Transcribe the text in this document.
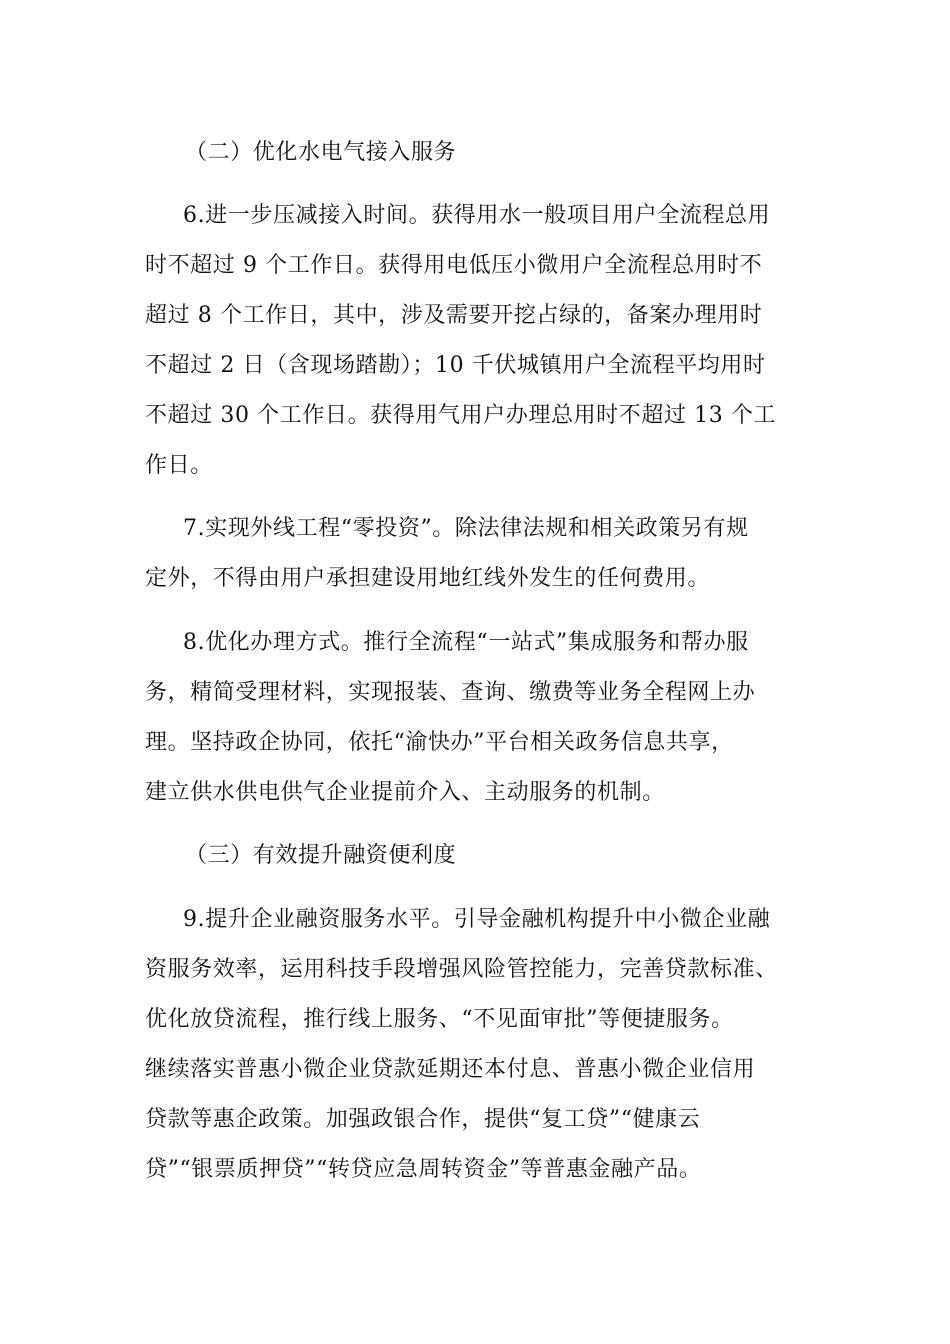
（二）优化水电气接入服务
6.进一步压减接入时间。获得用水一般项目用户全流程总用
时不超过 9 个工作日。获得用电低压小微用户全流程总用时不
超过 8 个工作日，其中，涉及需要开挖占绿的，备案办理用时
不超过 2 日（含现场踏勘）；10 千伏城镇用户全流程平均用时
不超过 30 个工作日。获得用气用户办理总用时不超过 13 个工
作日。
7.实现外线工程“零投资”。除法律法规和相关政策另有规
定外，不得由用户承担建设用地红线外发生的任何费用。
8.优化办理方式。推行全流程“一站式”集成服务和帮办服
务，精简受理材料，实现报装、查询、缴费等业务全程网上办
理。坚持政企协同，依托“渝快办”平台相关政务信息共享，
建立供水供电供气企业提前介入、主动服务的机制。
（三）有效提升融资便利度
9.提升企业融资服务水平。引导金融机构提升中小微企业融
资服务效率，运用科技手段增强风险管控能力，完善贷款标准、
优化放贷流程，推行线上服务、“不见面审批”等便捷服务。
继续落实普惠小微企业贷款延期还本付息、普惠小微企业信用
贷款等惠企政策。加强政银合作，提供“复工贷”“健康云
贷”“银票质押贷”“转贷应急周转资金”等普惠金融产品。
